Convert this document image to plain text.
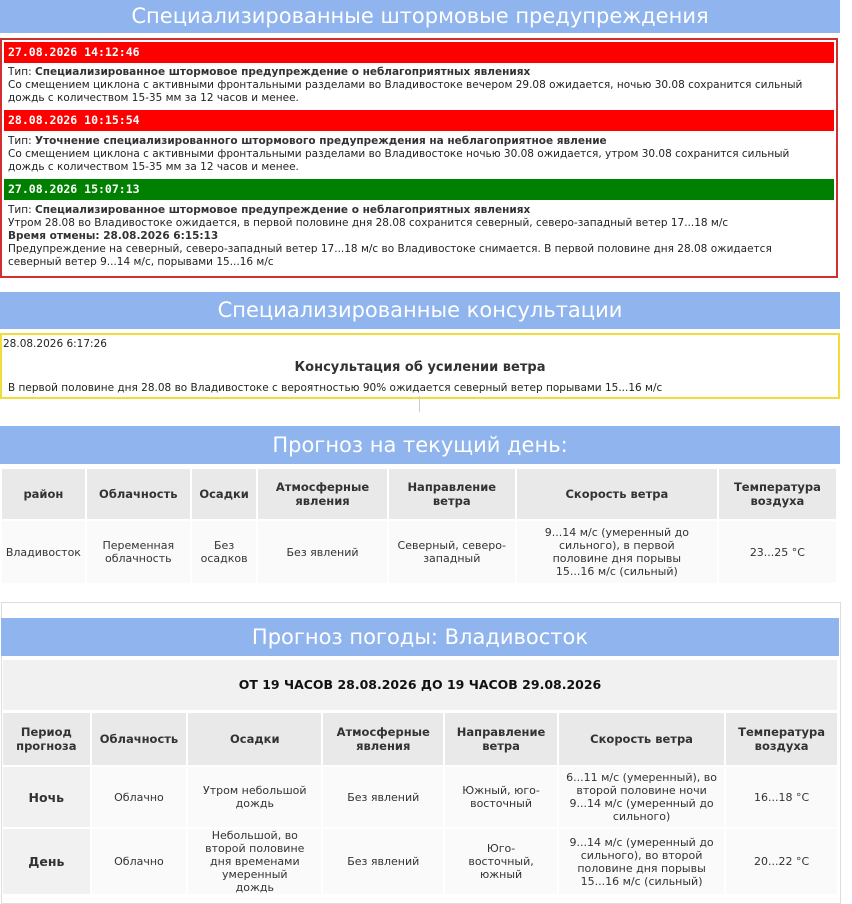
Специализированные штормовые предупреждения
27.08.2026 14:12:46
Тип: Специализированное штормовое предупреждение о неблагоприятных явлениях
Со смещением циклона с активными фронтальными разделами во Владивостоке вечером 29.08 ожидается, ночью 30.08 сохранится сильный дождь с количеством 15-35 мм за 12 часов и менее.
28.08.2026 10:15:54
Тип: Уточнение специализированного штормового предупреждения на неблагоприятное явление
Со смещением циклона с активными фронтальными разделами во Владивостоке ночью 30.08 ожидается, утром 30.08 сохранится сильный дождь с количеством 15-35 мм за 12 часов и менее.
27.08.2026 15:07:13
Тип: Специализированное штормовое предупреждение о неблагоприятных явлениях
Утром 28.08 во Владивостоке ожидается, в первой половине дня 28.08 сохранится северный, северо-западный ветер 17...18 м/с
Время отмены: 28.08.2026 6:15:13
Предупреждение на северный, северо-западный ветер 17...18 м/с во Владивостоке снимается. В первой половине дня 28.08 ожидается северный ветер 9...14 м/с, порывами 15...16 м/с
Специализированные консультации
28.08.2026 6:17:26
Консультация об усилении ветра
В первой половине дня 28.08 во Владивостоке с вероятностью 90% ожидается северный ветер порывами 15...16 м/с
Прогноз на текущий день:
район	Облачность	Осадки	Атмосферные явления	Направление ветра	Скорость ветра	Температура воздуха
Владивосток	Переменная облачность	Без осадков	Без явлений	Северный, северо-западный	9...14 м/с (умеренный до сильного), в первой половине дня порывы 15...16 м/с (сильный)	23...25 °C
Прогноз погоды: Владивосток
ОТ 19 ЧАСОВ 28.08.2026 ДО 19 ЧАСОВ 29.08.2026
Период прогноза	Облачность	Осадки	Атмосферные явления	Направление ветра	Скорость ветра	Температура воздуха
Ночь	Облачно	Утром небольшой дождь	Без явлений	Южный, юго-восточный	6...11 м/с (умеренный), во второй половине ночи 9...14 м/с (умеренный до сильного)	16...18 °C
День	Облачно	Небольшой, во второй половине дня временами умеренный дождь	Без явлений	Юго-восточный, южный	9...14 м/с (умеренный до сильного), во второй половине дня порывы 15...16 м/с (сильный)	20...22 °C
